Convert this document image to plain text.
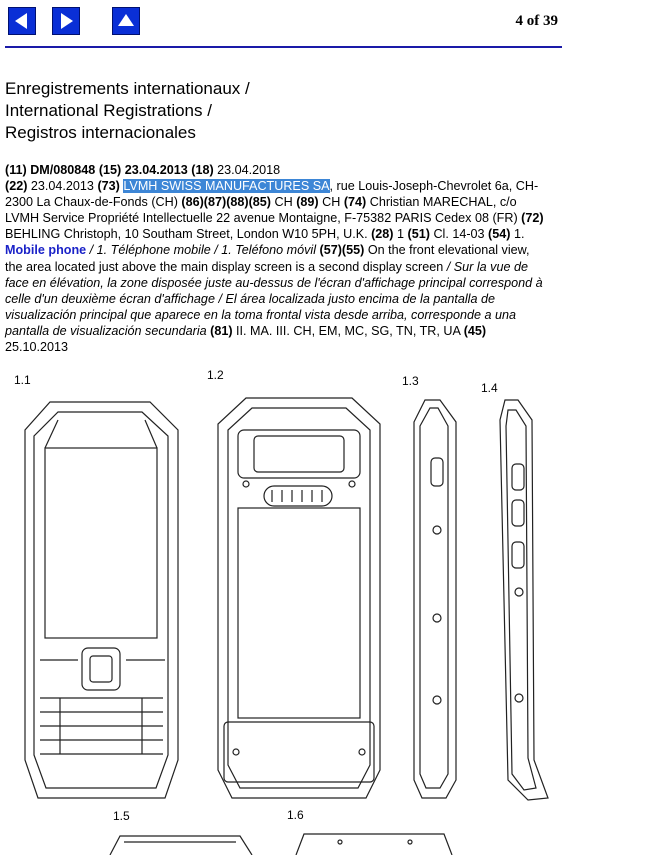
4 of 39
Enregistrements internationaux /
International Registrations /
Registros internacionales
(11) DM/080848 (15) 23.04.2013 (18) 23.04.2018
(22) 23.04.2013 (73) LVMH SWISS MANUFACTURES SA, rue Louis-Joseph-Chevrolet 6a, CH-2300 La Chaux-de-Fonds (CH) (86)(87)(88)(85) CH (89) CH (74) Christian MARECHAL, c/o LVMH Service Propriété Intellectuelle 22 avenue Montaigne, F-75382 PARIS Cedex 08 (FR) (72) BEHLING Christoph, 10 Southam Street, London W10 5PH, U.K. (28) 1 (51) Cl. 14-03 (54) 1. Mobile phone / 1. Téléphone mobile / 1. Teléfono móvil (57)(55) On the front elevational view, the area located just above the main display screen is a second display screen / Sur la vue de face en élévation, la zone disposée juste au-dessus de l'écran d'affichage principal correspond à celle d'un deuxième écran d'affichage / El área localizada justo encima de la pantalla de visualización principal que aparece en la toma frontal vista desde arriba, corresponde a una pantalla de visualización secundaria (81) II. MA. III. CH, EM, MC, SG, TN, TR, UA (45) 25.10.2013
1.1	1.2	1.3	1.4
1.5	1.6
